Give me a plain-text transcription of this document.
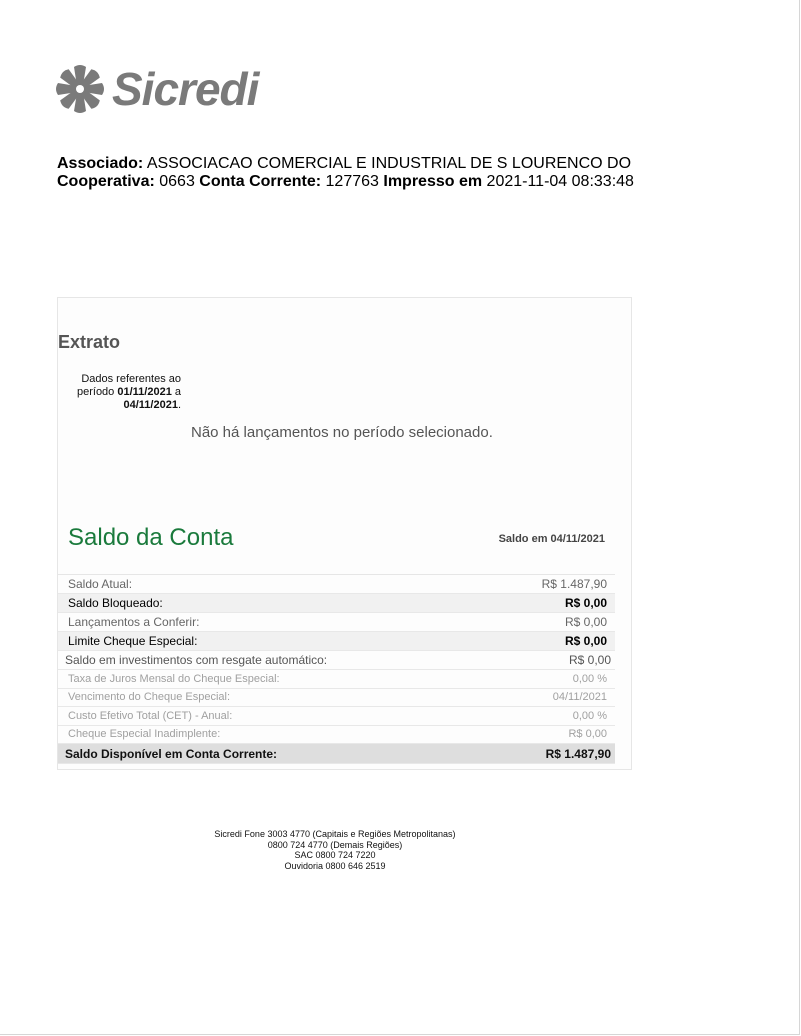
Sicredi
Associado: ASSOCIACAO COMERCIAL E INDUSTRIAL DE S LOURENCO DO
Cooperativa: 0663 Conta Corrente: 127763 Impresso em 2021-11-04 08:33:48
Extrato
Dados referentes ao período 01/11/2021 a 04/11/2021.
Não há lançamentos no período selecionado.
Saldo da Conta	Saldo em 04/11/2021
Saldo Atual:	R$ 1.487,90
Saldo Bloqueado:	R$ 0,00
Lançamentos a Conferir:	R$ 0,00
Limite Cheque Especial:	R$ 0,00
Saldo em investimentos com resgate automático:	R$ 0,00
Taxa de Juros Mensal do Cheque Especial:	0,00 %
Vencimento do Cheque Especial:	04/11/2021
Custo Efetivo Total (CET) - Anual:	0,00 %
Cheque Especial Inadimplente:	R$ 0,00
Saldo Disponível em Conta Corrente:	R$ 1.487,90
Sicredi Fone 3003 4770 (Capitais e Regiões Metropolitanas)
0800 724 4770 (Demais Regiões)
SAC 0800 724 7220
Ouvidoria 0800 646 2519
